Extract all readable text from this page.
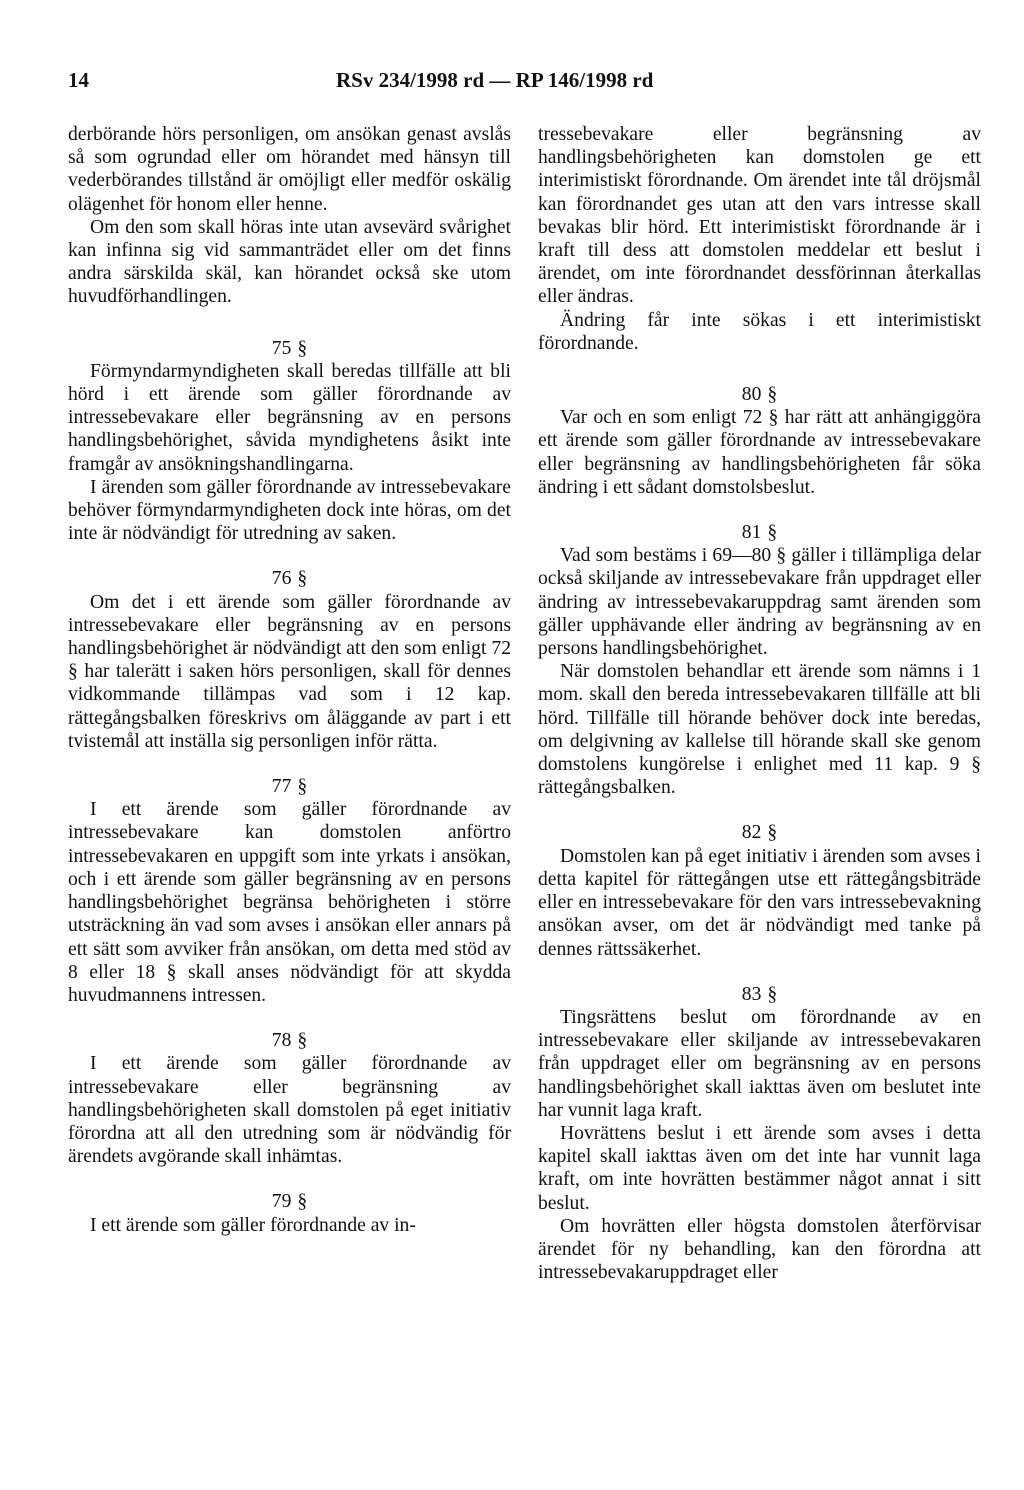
14	RSv 234/1998 rd — RP 146/1998 rd

derbörande hörs personligen, om ansökan genast avslås så som ogrundad eller om hörandet med hänsyn till vederbörandes tillstånd är omöjligt eller medför oskälig olägenhet för honom eller henne.

Om den som skall höras inte utan avsevärd svårighet kan infinna sig vid sammanträdet eller om det finns andra särskilda skäl, kan hörandet också ske utom huvudförhandlingen.

75 §

Förmyndarmyndigheten skall beredas tillfälle att bli hörd i ett ärende som gäller förordnande av intressebevakare eller begränsning av en persons handlingsbehörighet, såvida myndighetens åsikt inte framgår av ansökningshandlingarna.

I ärenden som gäller förordnande av intressebevakare behöver förmyndarmyndigheten dock inte höras, om det inte är nödvändigt för utredning av saken.

76 §

Om det i ett ärende som gäller förordnande av intressebevakare eller begränsning av en persons handlingsbehörighet är nödvändigt att den som enligt 72 § har talerätt i saken hörs personligen, skall för dennes vidkommande tillämpas vad som i 12 kap. rättegångsbalken föreskrivs om åläggande av part i ett tvistemål att inställa sig personligen inför rätta.

77 §

I ett ärende som gäller förordnande av intressebevakare kan domstolen anförtro intressebevakaren en uppgift som inte yrkats i ansökan, och i ett ärende som gäller begränsning av en persons handlingsbehörighet begränsa behörigheten i större utsträckning än vad som avses i ansökan eller annars på ett sätt som avviker från ansökan, om detta med stöd av 8 eller 18 § skall anses nödvändigt för att skydda huvudmannens intressen.

78 §

I ett ärende som gäller förordnande av intressebevakare eller begränsning av handlingsbehörigheten skall domstolen på eget initiativ förordna att all den utredning som är nödvändig för ärendets avgörande skall inhämtas.

79 §

I ett ärende som gäller förordnande av in-

tressebevakare eller begränsning av handlingsbehörigheten kan domstolen ge ett interimistiskt förordnande. Om ärendet inte tål dröjsmål kan förordnandet ges utan att den vars intresse skall bevakas blir hörd. Ett interimistiskt förordnande är i kraft till dess att domstolen meddelar ett beslut i ärendet, om inte förordnandet dessförinnan återkallas eller ändras.

Ändring får inte sökas i ett interimistiskt förordnande.

80 §

Var och en som enligt 72 § har rätt att anhängiggöra ett ärende som gäller förordnande av intressebevakare eller begränsning av handlingsbehörigheten får söka ändring i ett sådant domstolsbeslut.

81 §

Vad som bestäms i 69—80 § gäller i tillämpliga delar också skiljande av intressebevakare från uppdraget eller ändring av intressebevakaruppdrag samt ärenden som gäller upphävande eller ändring av begränsning av en persons handlingsbehörighet.

När domstolen behandlar ett ärende som nämns i 1 mom. skall den bereda intressebevakaren tillfälle att bli hörd. Tillfälle till hörande behöver dock inte beredas, om delgivning av kallelse till hörande skall ske genom domstolens kungörelse i enlighet med 11 kap. 9 § rättegångsbalken.

82 §

Domstolen kan på eget initiativ i ärenden som avses i detta kapitel för rättegången utse ett rättegångsbiträde eller en intressebevakare för den vars intressebevakning ansökan avser, om det är nödvändigt med tanke på dennes rättssäkerhet.

83 §

Tingsrättens beslut om förordnande av en intressebevakare eller skiljande av intressebevakaren från uppdraget eller om begränsning av en persons handlingsbehörighet skall iakttas även om beslutet inte har vunnit laga kraft.

Hovrättens beslut i ett ärende som avses i detta kapitel skall iakttas även om det inte har vunnit laga kraft, om inte hovrätten bestämmer något annat i sitt beslut.

Om hovrätten eller högsta domstolen återförvisar ärendet för ny behandling, kan den förordna att intressebevakaruppdraget eller
